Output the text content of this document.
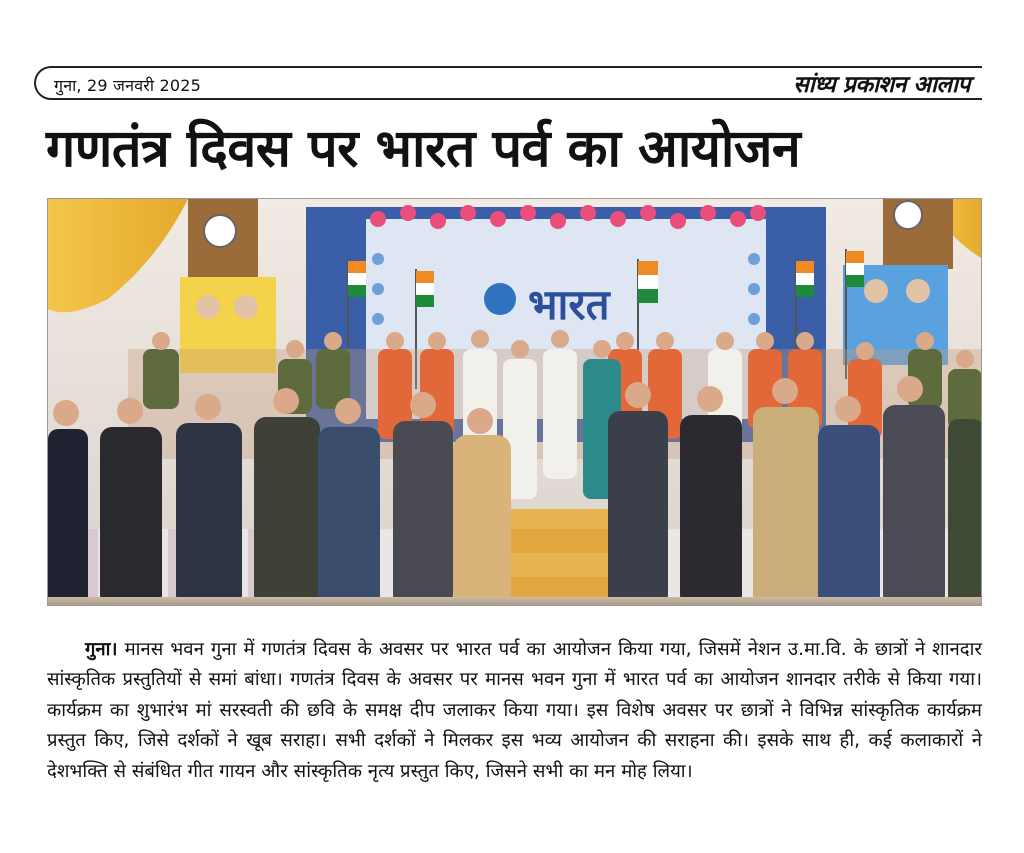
गुना, 29 जनवरी 2025	सांध्य प्रकाशन आलाप
गणतंत्र दिवस पर भारत पर्व का आयोजन
भारत

गुना। मानस भवन गुना में गणतंत्र दिवस के अवसर पर भारत पर्व का आयोजन किया गया, जिसमें नेशन उ.मा.वि. के छात्रों ने शानदार सांस्कृतिक प्रस्तुतियों से समां बांधा। गणतंत्र दिवस के अवसर पर मानस भवन गुना में भारत पर्व का आयोजन शानदार तरीके से किया गया। कार्यक्रम का शुभारंभ मां सरस्वती की छवि के समक्ष दीप जलाकर किया गया। इस विशेष अवसर पर छात्रों ने विभिन्न सांस्कृतिक कार्यक्रम प्रस्तुत किए, जिसे दर्शकों ने खूब सराहा। सभी दर्शकों ने मिलकर इस भव्य आयोजन की सराहना की। इसके साथ ही, कई कलाकारों ने देशभक्ति से संबंधित गीत गायन और सांस्कृतिक नृत्य प्रस्तुत किए, जिसने सभी का मन मोह लिया।
